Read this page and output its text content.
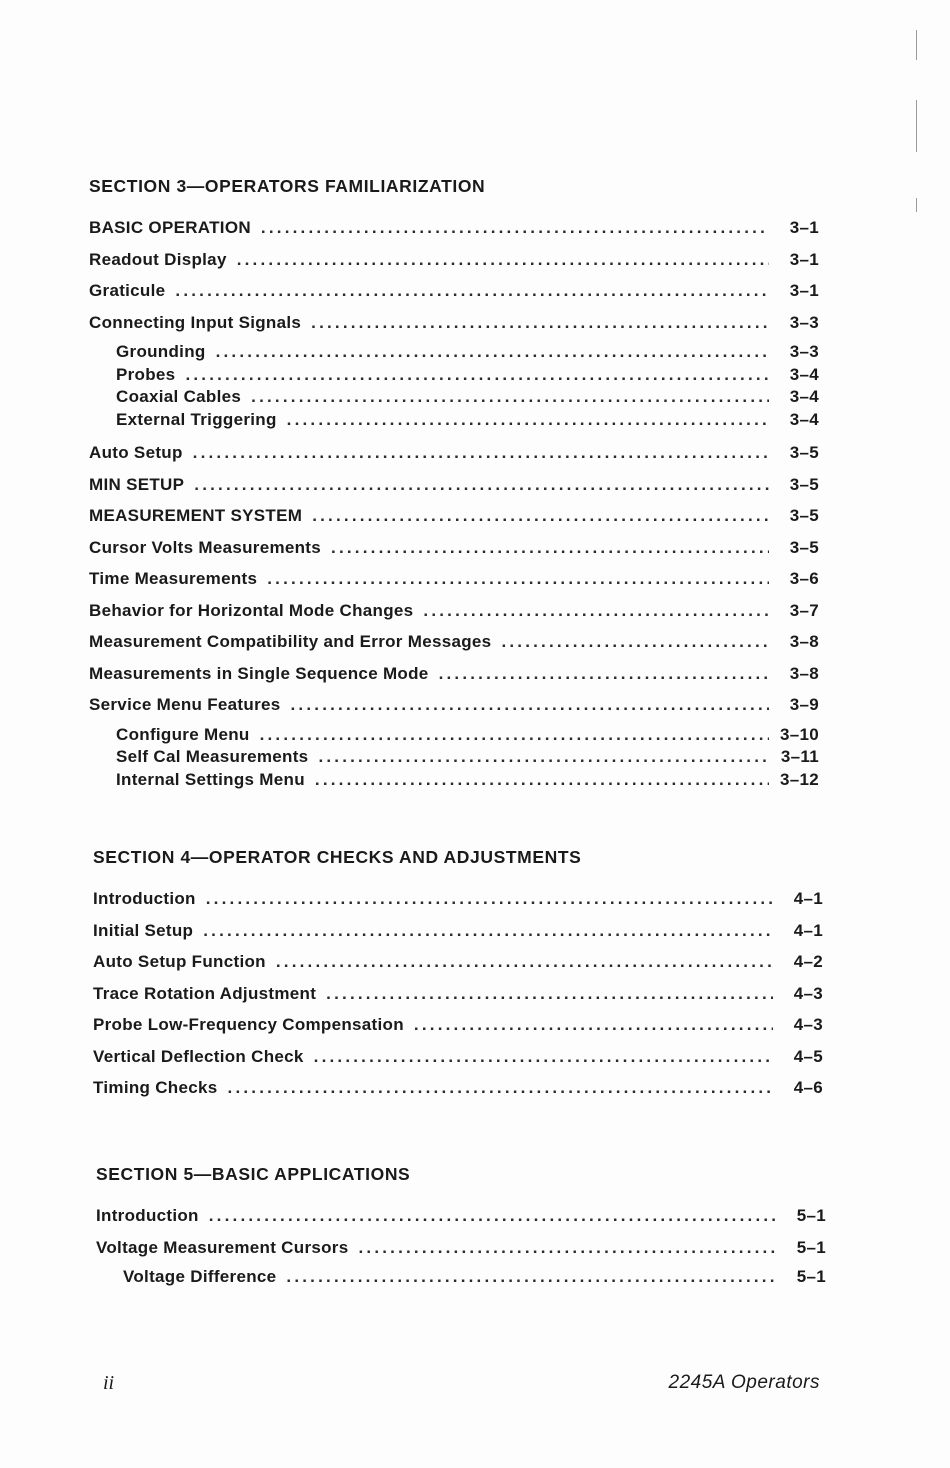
SECTION 3—OPERATORS FAMILIARIZATION
BASIC OPERATION .....	3–1
Readout Display .....	3–1
Graticule .....	3–1
Connecting Input Signals .....	3–3
Grounding .....	3–3
Probes .....	3–4
Coaxial Cables .....	3–4
External Triggering .....	3–4
Auto Setup .....	3–5
MIN SETUP .....	3–5
MEASUREMENT SYSTEM .....	3–5
Cursor Volts Measurements .....	3–5
Time Measurements .....	3–6
Behavior for Horizontal Mode Changes .....	3–7
Measurement Compatibility and Error Messages .....	3–8
Measurements in Single Sequence Mode .....	3–8
Service Menu Features .....	3–9
Configure Menu .....	3–10
Self Cal Measurements .....	3–11
Internal Settings Menu .....	3–12
SECTION 4—OPERATOR CHECKS AND ADJUSTMENTS
Introduction .....	4–1
Initial Setup .....	4–1
Auto Setup Function .....	4–2
Trace Rotation Adjustment .....	4–3
Probe Low-Frequency Compensation .....	4–3
Vertical Deflection Check .....	4–5
Timing Checks .....	4–6
SECTION 5—BASIC APPLICATIONS
Introduction .....	5–1
Voltage Measurement Cursors .....	5–1
Voltage Difference .....	5–1
ii	2245A Operators
